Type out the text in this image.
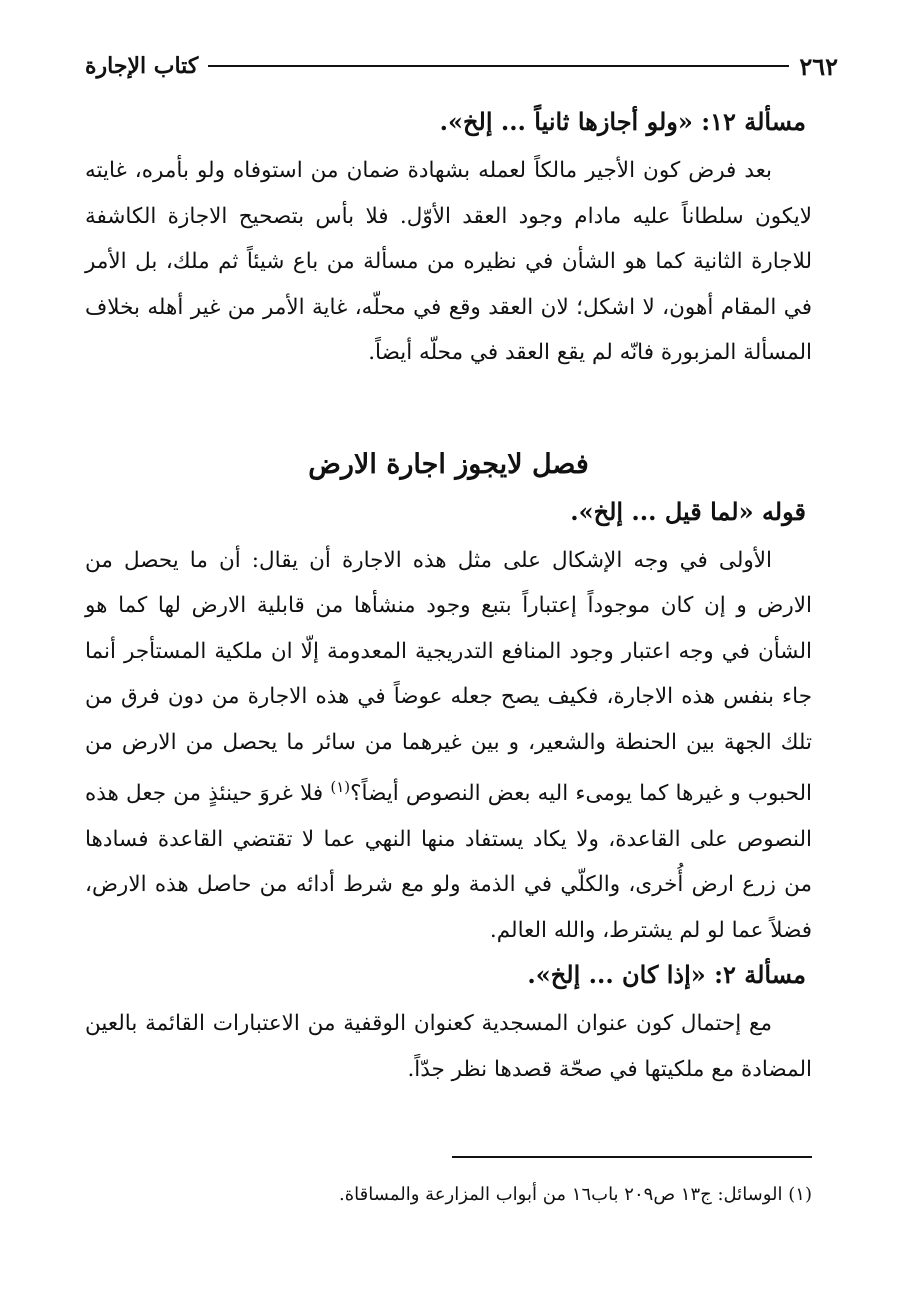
كتاب الإجارة	٢٦٢
مسألة ١٢: «ولو أجازها ثانياً ... إلخ».

بعد فرض كون الأجير مالكاً لعمله بشهادة ضمان من استوفاه ولو بأمره، غايته لايكون سلطاناً عليه مادام وجود العقد الأوّل. فلا بأس بتصحيح الاجازة الكاشفة للاجارة الثانية كما هو الشأن في نظيره من مسألة من باع شيئاً ثم ملك، بل الأمر في المقام أهون، لا اشكل؛ لان العقد وقع في محلّه، غاية الأمر من غير أهله بخلاف المسألة المزبورة فانّه لم يقع العقد في محلّه أيضاً.

فصل لايجوز اجارة الارض
قوله «لما قيل ... إلخ».

الأولى في وجه الإشكال على مثل هذه الاجارة أن يقال: أن ما يحصل من الارض و إن كان موجوداً إعتباراً بتبع وجود منشأها من قابلية الارض لها كما هو الشأن في وجه اعتبار وجود المنافع التدريجية المعدومة إلّا ان ملكية المستأجر أنما جاء بنفس هذه الاجارة، فكيف يصح جعله عوضاً في هذه الاجارة من دون فرق من تلك الجهة بين الحنطة والشعير، و بين غيرهما من سائر ما يحصل من الارض من الحبوب و غيرها كما يومىء اليه بعض النصوص أيضاً؟$^{(١)}$ فلا غروَ حينئذٍ من جعل هذه النصوص على القاعدة، ولا يكاد يستفاد منها النهي عما لا تقتضي القاعدة فسادها من زرع ارض أُخرى، والكلّي في الذمة ولو مع شرط أدائه من حاصل هذه الارض، فضلاً عما لو لم يشترط، والله العالم.

مسألة ٢: «إذا كان ... إلخ».

مع إحتمال كون عنوان المسجدية كعنوان الوقفية من الاعتبارات القائمة بالعين المضادة مع ملكيتها في صحّة قصدها نظر جدّاً.

(١) الوسائل: ج١٣ ص٢٠٩ باب١٦ من أبواب المزارعة والمساقاة.
